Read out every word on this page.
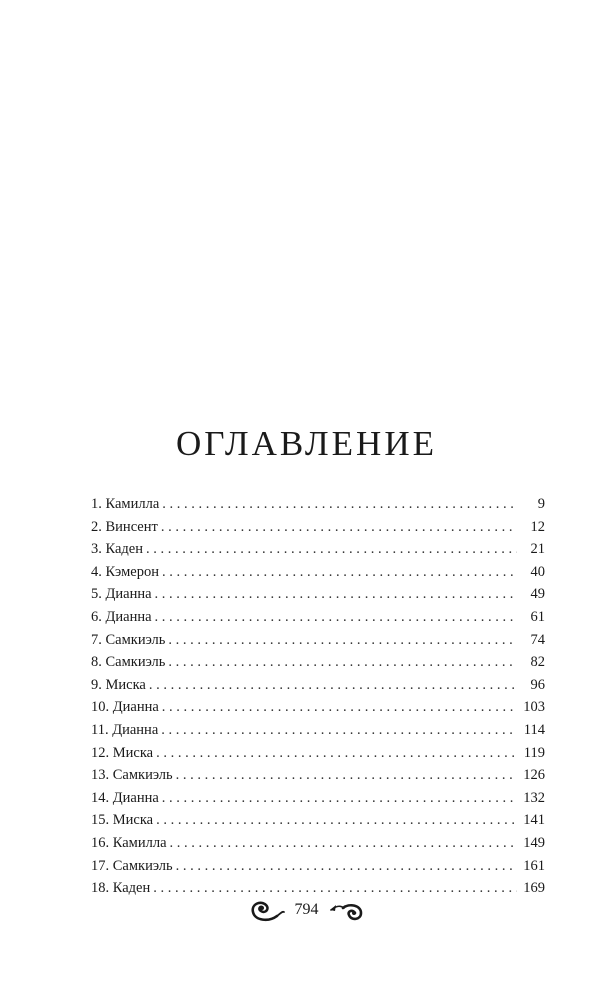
ОГЛАВЛЕНИЕ
1. Камилла . . .	9
2. Винсент . . .	12
3. Каден . . .	21
4. Кэмерон . . .	40
5. Дианна . . .	49
6. Дианна . . .	61
7. Самкиэль . . .	74
8. Самкиэль . . .	82
9. Миска . . .	96
10. Дианна . . .	103
11. Дианна . . .	114
12. Миска . . .	119
13. Самкиэль . . .	126
14. Дианна . . .	132
15. Миска . . .	141
16. Камилла . . .	149
17. Самкиэль . . .	161
18. Каден . . .	169
794
